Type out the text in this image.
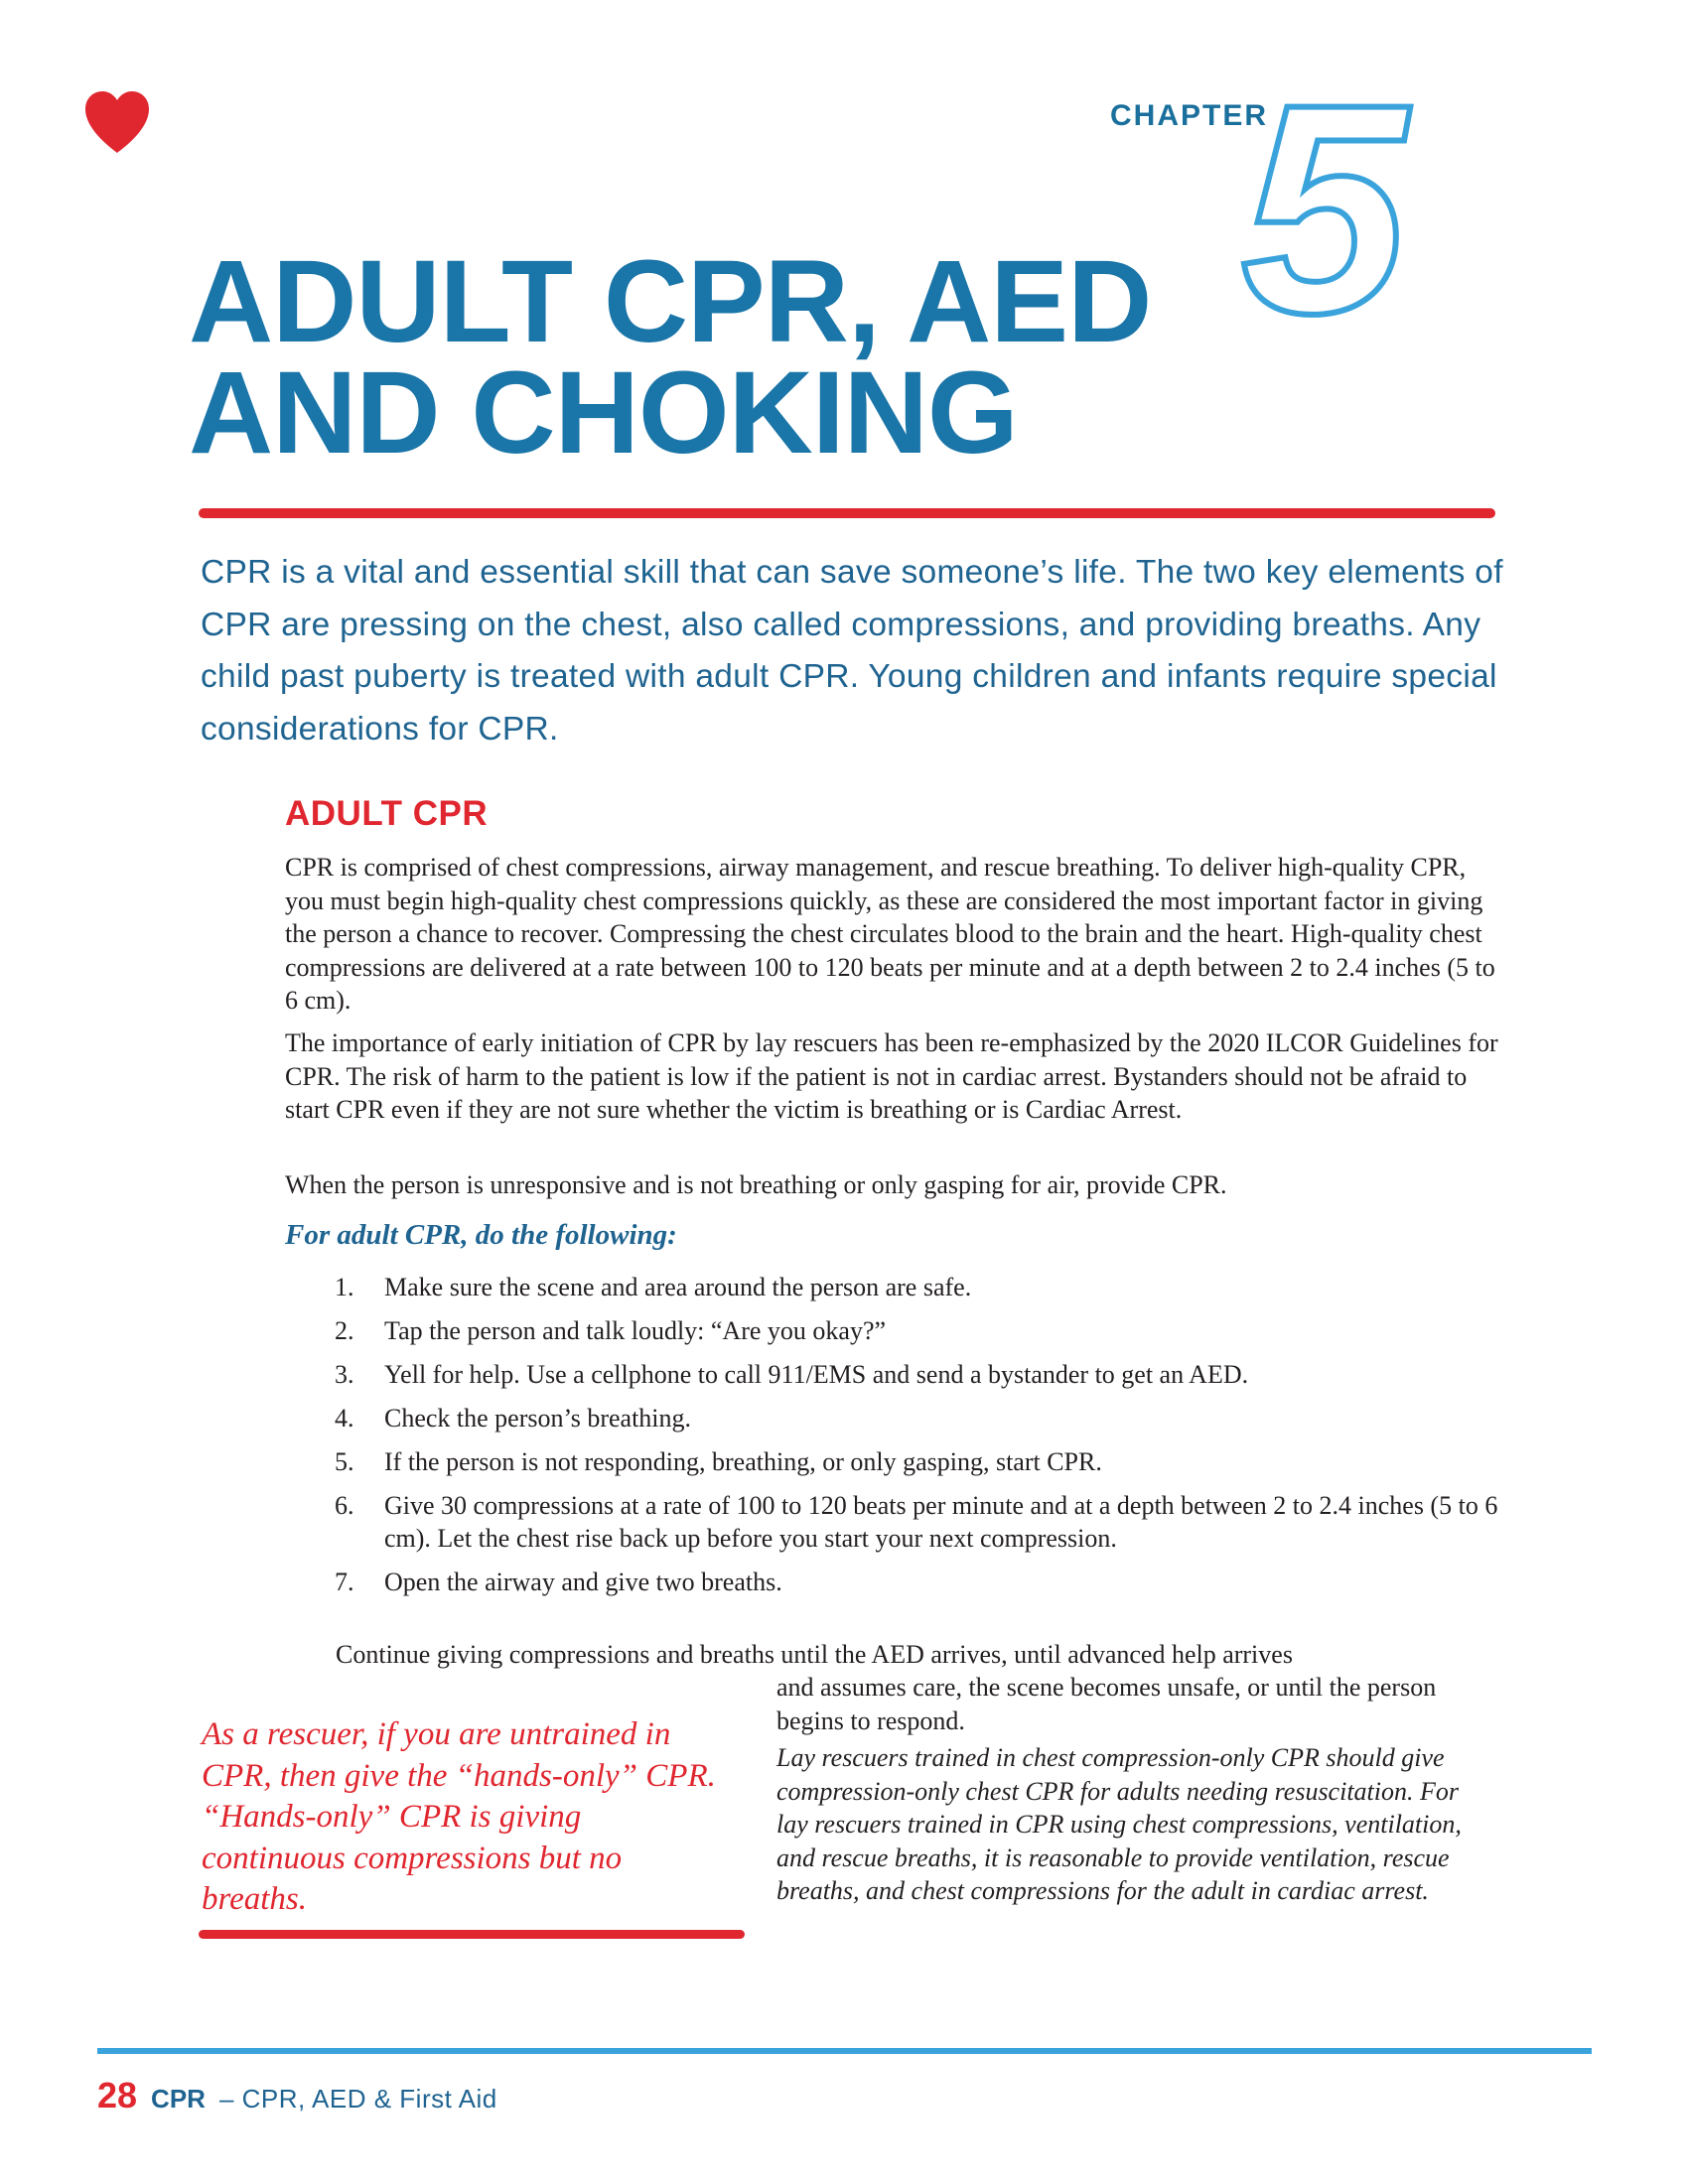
CHAPTER
5
ADULT CPR, AED
AND CHOKING
CPR is a vital and essential skill that can save someone’s life. The two key elements of CPR are pressing on the chest, also called compressions, and providing breaths. Any child past puberty is treated with adult CPR. Young children and infants require special considerations for CPR.
ADULT CPR
CPR is comprised of chest compressions, airway management, and rescue breathing. To deliver high-quality CPR, you must begin high-quality chest compressions quickly, as these are considered the most important factor in giving the person a chance to recover. Compressing the chest circulates blood to the brain and the heart. High-quality chest compressions are delivered at a rate between 100 to 120 beats per minute and at a depth between 2 to 2.4 inches (5 to 6 cm).
The importance of early initiation of CPR by lay rescuers has been re-emphasized by the 2020 ILCOR Guidelines for CPR. The risk of harm to the patient is low if the patient is not in cardiac arrest. Bystanders should not be afraid to start CPR even if they are not sure whether the victim is breathing or is Cardiac Arrest.
When the person is unresponsive and is not breathing or only gasping for air, provide CPR.
For adult CPR, do the following:
1. Make sure the scene and area around the person are safe.
2. Tap the person and talk loudly: “Are you okay?”
3. Yell for help. Use a cellphone to call 911/EMS and send a bystander to get an AED.
4. Check the person’s breathing.
5. If the person is not responding, breathing, or only gasping, start CPR.
6. Give 30 compressions at a rate of 100 to 120 beats per minute and at a depth between 2 to 2.4 inches (5 to 6 cm). Let the chest rise back up before you start your next compression.
7. Open the airway and give two breaths.
Continue giving compressions and breaths until the AED arrives, until advanced help arrives
and assumes care, the scene becomes unsafe, or until the person begins to respond.
Lay rescuers trained in chest compression-only CPR should give compression-only chest CPR for adults needing resuscitation. For lay rescuers trained in CPR using chest compressions, ventilation, and rescue breaths, it is reasonable to provide ventilation, rescue breaths, and chest compressions for the adult in cardiac arrest.
As a rescuer, if you are untrained in CPR, then give the “hands-only” CPR. “Hands-only” CPR is giving continuous compressions but no breaths.
28 CPR – CPR, AED & First Aid
